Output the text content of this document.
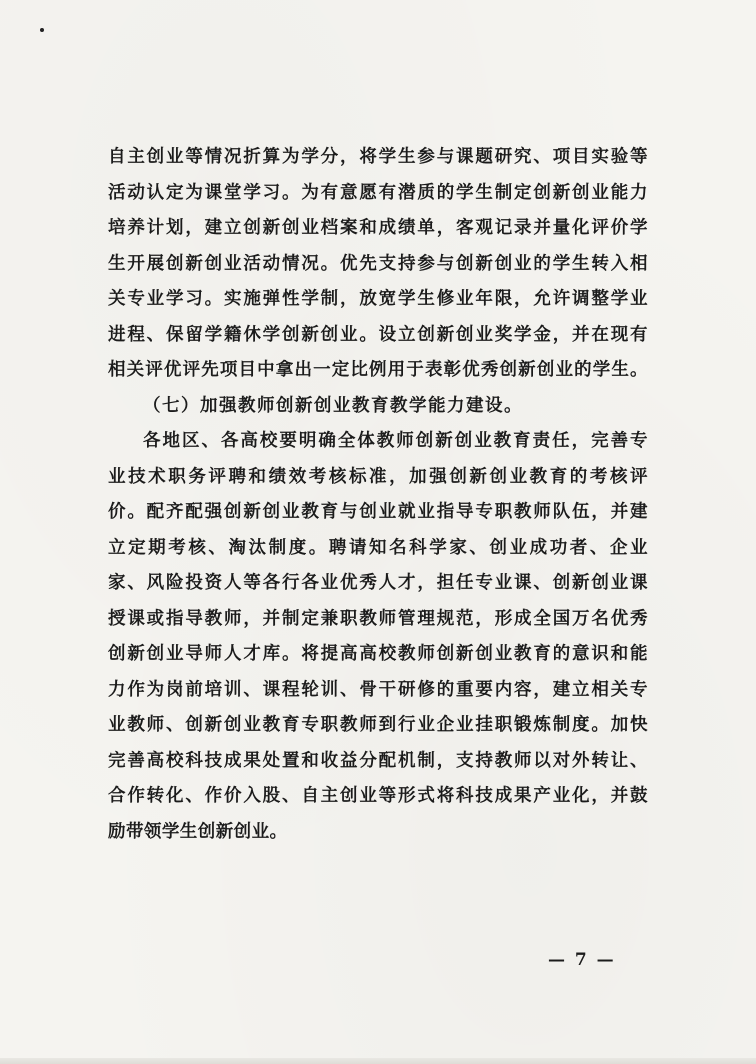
自主创业等情况折算为学分，将学生参与课题研究、项目实验等
活动认定为课堂学习。为有意愿有潜质的学生制定创新创业能力
培养计划，建立创新创业档案和成绩单，客观记录并量化评价学
生开展创新创业活动情况。优先支持参与创新创业的学生转入相
关专业学习。实施弹性学制，放宽学生修业年限，允许调整学业
进程、保留学籍休学创新创业。设立创新创业奖学金，并在现有
相关评优评先项目中拿出一定比例用于表彰优秀创新创业的学生。
（七）加强教师创新创业教育教学能力建设。
各地区、各高校要明确全体教师创新创业教育责任，完善专
业技术职务评聘和绩效考核标准，加强创新创业教育的考核评
价。配齐配强创新创业教育与创业就业指导专职教师队伍，并建
立定期考核、淘汰制度。聘请知名科学家、创业成功者、企业
家、风险投资人等各行各业优秀人才，担任专业课、创新创业课
授课或指导教师，并制定兼职教师管理规范，形成全国万名优秀
创新创业导师人才库。将提高高校教师创新创业教育的意识和能
力作为岗前培训、课程轮训、骨干研修的重要内容，建立相关专
业教师、创新创业教育专职教师到行业企业挂职锻炼制度。加快
完善高校科技成果处置和收益分配机制，支持教师以对外转让、
合作转化、作价入股、自主创业等形式将科技成果产业化，并鼓
励带领学生创新创业。
— 7 —
